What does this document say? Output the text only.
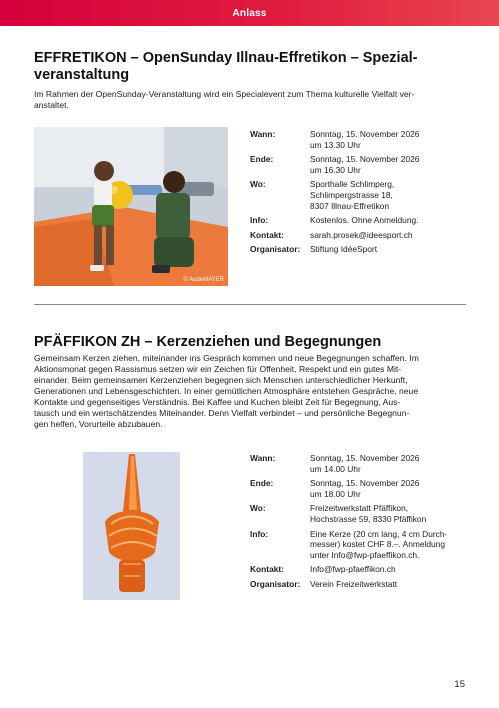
Anlass
EFFRETIKON – OpenSunday Illnau-Effretikon – Spezial-
veranstaltung

Im Rahmen der OpenSunday-Veranstaltung wird ein Specialevent zum Thema kulturelle Vielfalt ver-
anstaltet.

© AudeMAYER
Wann:	Sonntag, 15. November 2026
um 13.30 Uhr

Ende:	Sonntag, 15. November 2026
um 16.30 Uhr

Wo:	Sporthalle Schlimperg,
Schlimpergstrasse 18,
8307 Illnau-Effretikon

Info:	Kostenlos. Ohne Anmeldung.
Kontakt:	sarah.prosek@ideesport.ch
Organisator:	Stiftung IdéeSport
PFÄFFIKON ZH – Kerzenziehen und Begegnungen

Gemeinsam Kerzen ziehen, miteinander ins Gespräch kommen und neue Begegnungen schaffen. Im
Aktionsmonat gegen Rassismus setzen wir ein Zeichen für Offenheit, Respekt und ein gutes Mit-
einander. Beim gemeinsamen Kerzenziehen begegnen sich Menschen unterschiedlicher Herkunft,
Generationen und Lebensgeschichten. In einer gemütlichen Atmosphäre entstehen Gespräche, neue
Kontakte und gegenseitiges Verständnis. Bei Kaffee und Kuchen bleibt Zeit für Begegnung, Aus-
tausch und ein wertschätzendes Miteinander. Denn Vielfalt verbindet – und persönliche Begegnun-
gen helfen, Vorurteile abzubauen.

Wann:	Sonntag, 15. November 2026
um 14.00 Uhr

Ende:	Sonntag, 15. November 2026
um 18.00 Uhr

Wo:	Freizeitwerkstatt Pfäffikon,
Hochstrasse 59, 8330 Pfäffikon

Info:	Eine Kerze (20 cm lang, 4 cm Durch-
messer) kostet CHF 8.–. Anmeldung
unter Info@fwp-pfaeffikon.ch.

Kontakt:	Info@fwp-pfaeffikon.ch
Organisator:	Verein Freizeitwerkstatt
15
